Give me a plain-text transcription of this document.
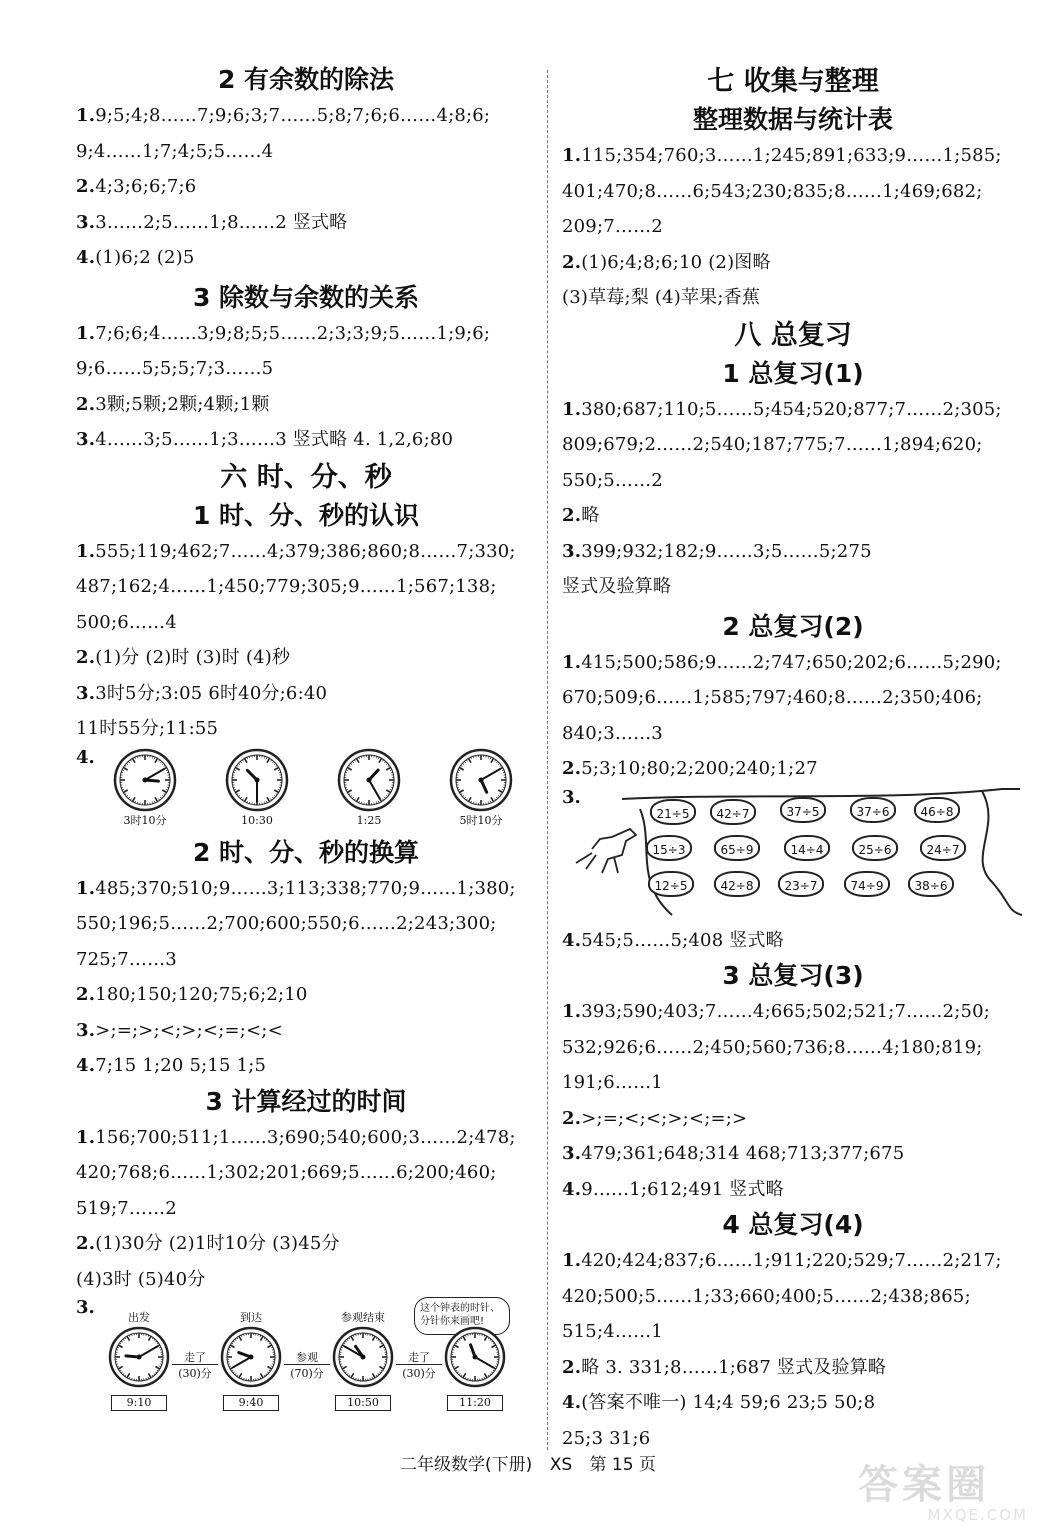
2 有余数的除法
1.9;5;4;8……7;9;6;3;7……5;8;7;6;6……4;8;6;
9;4……1;7;4;5;5……4
2.4;3;6;6;7;6
3.3……2;5……1;8……2 竖式略
4.(1)6;2 (2)5
3 除数与余数的关系
1.7;6;6;4……3;9;8;5;5……2;3;3;9;5……1;9;6;
9;6……5;5;5;7;3……5
2.3颗;5颗;2颗;4颗;1颗
3.4……3;5……1;3……3 竖式略 4. 1,2,6;80
六 时、分、秒
1 时、分、秒的认识
1.555;119;462;7……4;379;386;860;8……7;330;
487;162;4……1;450;779;305;9……1;567;138;
500;6……4
2.(1)分 (2)时 (3)时 (4)秒
3.3时5分;3:05 6时40分;6:40
11时55分;11:55
4.
3时10分	10:30	1:25	5时10分
2 时、分、秒的换算
1.485;370;510;9……3;113;338;770;9……1;380;
550;196;5……2;700;600;550;6……2;243;300;
725;7……3
2.180;150;120;75;6;2;10
3.>;=;>;<;>;<;=;<;<
4.7;15 1;20 5;15 1;5
3 计算经过的时间
1.156;700;511;1……3;690;540;600;3……2;478;
420;768;6……1;302;201;669;5……6;200;460;
519;7……2
2.(1)30分 (2)1时10分 (3)45分
(4)3时 (5)40分
3.	这个钟表的时针、分针你来画吧!
出发
9:10
到达
9:40
参观结束
10:50
	11:20
走了
(30)分
参观
(70)分
走了
(30)分
七 收集与整理
整理数据与统计表
1.115;354;760;3……1;245;891;633;9……1;585;
401;470;8……6;543;230;835;8……1;469;682;
209;7……2
2.(1)6;4;8;6;10 (2)图略
(3)草莓;梨 (4)苹果;香蕉
八 总复习
1 总复习(1)
1.380;687;110;5……5;454;520;877;7……2;305;
809;679;2……2;540;187;775;7……1;894;620;
550;5……2
2.略
3.399;932;182;9……3;5……5;275
竖式及验算略
2 总复习(2)
1.415;500;586;9……2;747;650;202;6……5;290;
670;509;6……1;585;797;460;8……2;350;406;
840;3……3
2.5;3;10;80;2;200;240;1;27
3.
21÷5	42÷7	37÷5	37÷6	46÷8
15÷3	65÷9	14÷4	25÷6	24÷7
12÷5	42÷8	23÷7	74÷9	38÷6
4.545;5……5;408 竖式略
3 总复习(3)
1.393;590;403;7……4;665;502;521;7……2;50;
532;926;6……2;450;560;736;8……4;180;819;
191;6……1
2.>;=;<;<;>;<;=;>
3.479;361;648;314 468;713;377;675
4.9……1;612;491 竖式略
4 总复习(4)
1.420;424;837;6……1;911;220;529;7……2;217;
420;500;5……1;33;660;400;5……2;438;865;
515;4……1
2.略 3. 331;8……1;687 竖式及验算略
4.(答案不唯一) 14;4 59;6 23;5 50;8
25;3 31;6
二年级数学(下册) XS 第 15 页	答案圈
MXQE.COM
